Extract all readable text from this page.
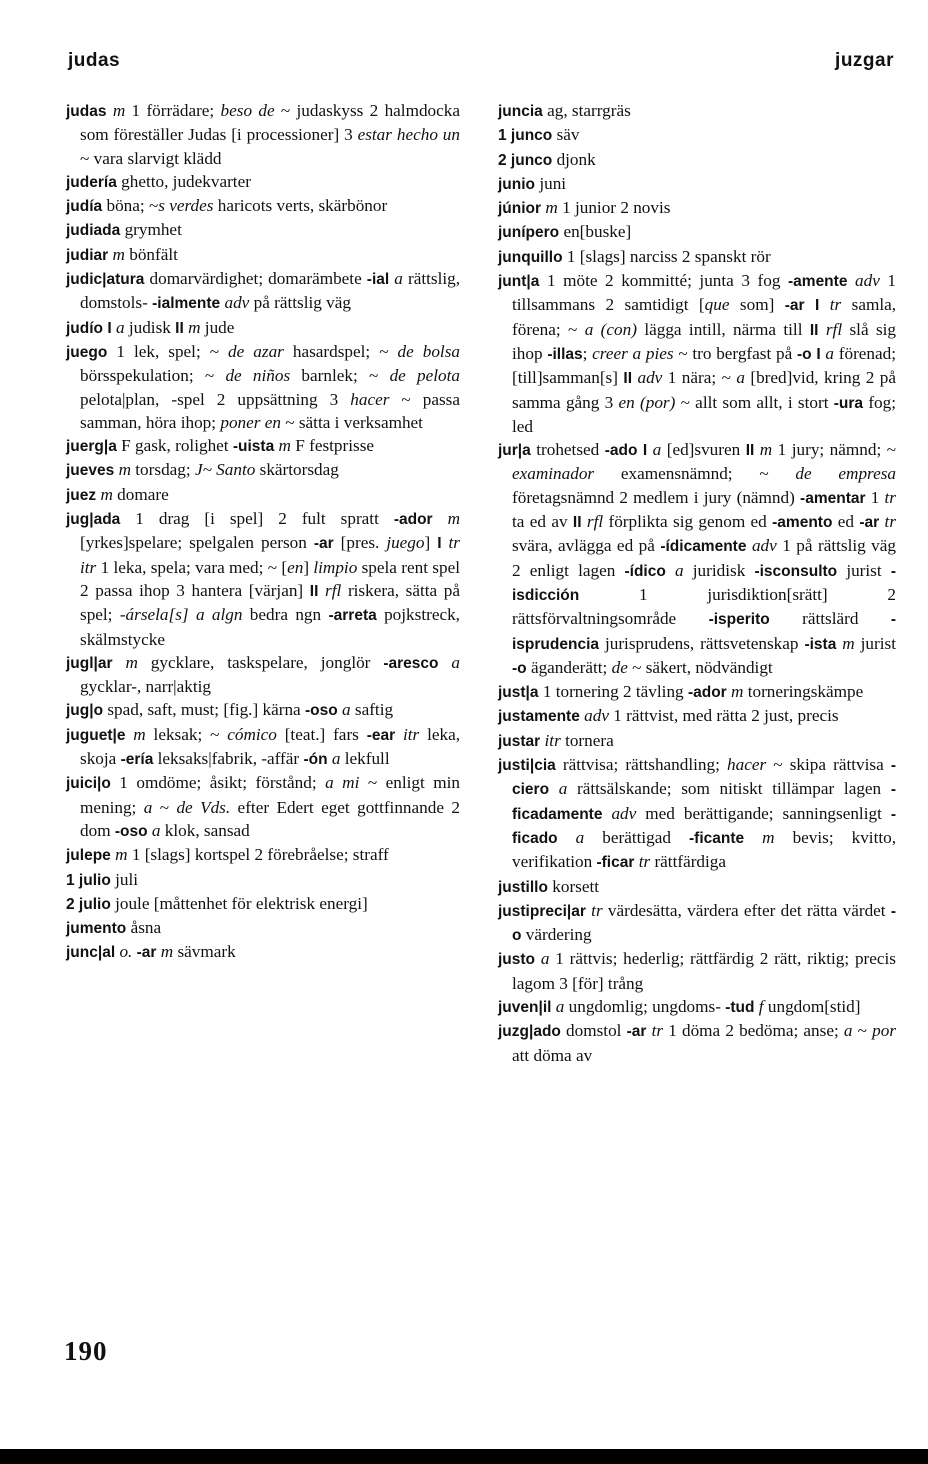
judas	juzgar

judas m 1 förrädare; beso de ~ judaskyss 2 halmdocka som föreställer Judas [i processioner] 3 estar hecho un ~ vara slarvigt klädd

judería ghetto, judekvarter

judía böna; ~s verdes haricots verts, skärbönor

judiada grymhet

judiar m bönfält

judic|atura domarvärdighet; domarämbete -ial a rättslig, domstols- -ialmente adv på rättslig väg

judío I a judisk II m jude

juego 1 lek, spel; ~ de azar hasardspel; ~ de bolsa börsspekulation; ~ de niños barnlek; ~ de pelota pelota|plan, -spel 2 uppsättning 3 hacer ~ passa samman, höra ihop; poner en ~ sätta i verksamhet

juerg|a F gask, rolighet -uista m F festprisse

jueves m torsdag; J~ Santo skärtorsdag

juez m domare

jug|ada 1 drag [i spel] 2 fult spratt -ador m [yrkes]spelare; spelgalen person -ar [pres. juego] I tr itr 1 leka, spela; vara med; ~ [en] limpio spela rent spel 2 passa ihop 3 hantera [värjan] II rfl riskera, sätta på spel; -ársela[s] a algn bedra ngn -arreta pojkstreck, skälmstycke

jugl|ar m gycklare, taskspelare, jonglör -aresco a gycklar-, narr|aktig

jug|o spad, saft, must; [fig.] kärna -oso a saftig

juguet|e m leksak; ~ cómico [teat.] fars -ear itr leka, skoja -ería leksaks|fabrik, -affär -ón a lekfull

juici|o 1 omdöme; åsikt; förstånd; a mi ~ enligt min mening; a ~ de Vds. efter Edert eget gottfinnande 2 dom -oso a klok, sansad

julepe m 1 [slags] kortspel 2 förebråelse; straff

1 julio juli

2 julio joule [måttenhet för elektrisk energi]

jumento åsna

junc|al o. -ar m sävmark

juncia ag, starrgräs

1 junco säv

2 junco djonk

junio juni

júnior m 1 junior 2 novis

junípero en[buske]

junquillo 1 [slags] narciss 2 spanskt rör

junt|a 1 möte 2 kommitté; junta 3 fog -amente adv 1 tillsammans 2 samtidigt [que som] -ar I tr samla, förena; ~ a (con) lägga intill, närma till II rfl slå sig ihop -illas; creer a pies ~ tro bergfast på -o I a förenad; [till]samman[s] II adv 1 nära; ~ a [bred]vid, kring 2 på samma gång 3 en (por) ~ allt som allt, i stort -ura fog; led

jur|a trohetsed -ado I a [ed]svuren II m 1 jury; nämnd; ~ examinador examensnämnd; ~ de empresa företagsnämnd 2 medlem i jury (nämnd) -amentar 1 tr ta ed av II rfl förplikta sig genom ed -amento ed -ar tr svära, avlägga ed på -ídicamente adv 1 på rättslig väg 2 enligt lagen -ídico a juridisk -isconsulto jurist -isdicción 1 jurisdiktion[srätt] 2 rättsförvaltningsområde -isperito rättslärd -isprudencia jurisprudens, rättsvetenskap -ista m jurist -o äganderätt; de ~ säkert, nödvändigt

just|a 1 tornering 2 tävling -ador m torneringskämpe

justamente adv 1 rättvist, med rätta 2 just, precis

justar itr tornera

justi|cia rättvisa; rättshandling; hacer ~ skipa rättvisa -ciero a rättsälskande; som nitiskt tillämpar lagen -ficadamente adv med berättigande; sanningsenligt -ficado a berättigad -ficante m bevis; kvitto, verifikation -ficar tr rättfärdiga

justillo korsett

justipreci|ar tr värdesätta, värdera efter det rätta värdet -o värdering

justo a 1 rättvis; hederlig; rättfärdig 2 rätt, riktig; precis lagom 3 [för] trång

juven|il a ungdomlig; ungdoms- -tud f ungdom[stid]

juzg|ado domstol -ar tr 1 döma 2 bedöma; anse; a ~ por att döma av

190
